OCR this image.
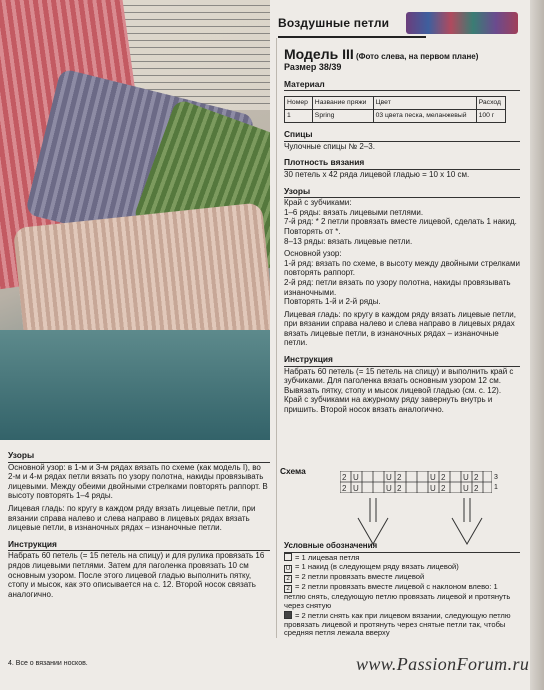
Воздушные петли
Модель III (Фото слева, на первом плане)
Размер 38/39
Материал
Номер	Название пряжи	Цвет	Расход
1	Spring	03 цвета песка, меланжевый	100 г
Спицы
Чулочные спицы № 2–3.
Плотность вязания
30 петель х 42 ряда лицевой гладью = 10 х 10 см.
Узоры
Край с зубчиками:
1–6 ряды: вязать лицевыми петлями.
7-й ряд: * 2 петли провязать вместе лицевой, сделать 1 накид. Повторять от *.
8–13 ряды: вязать лицевые петли.
Основной узор:
1-й ряд: вязать по схеме, в высоту между двойными стрелками повторять раппорт.
2-й ряд: петли вязать по узору полотна, накиды провязывать изнаночными.
Повторять 1-й и 2-й ряды.
Лицевая гладь: по кругу в каждом ряду вязать лицевые петли, при вязании справа налево и слева направо в лицевых рядах вязать лицевые петли, в изнаночных рядах – изнаночные петли.
Инструкция
Набрать 60 петель (= 15 петель на спицу) и выполнить край с зубчиками. Для паголенка вязать основным узором 12 см. Вывязать пятку, стопу и мысок лицевой гладью (см. с. 12). Край с зубчиками на ажурному ряду завернуть внутрь и пришить. Второй носок вязать аналогично.
Схема
2 U	U 2	U 2 U 2
2 U	U 2	U 2 U 2
3
1
Условные обозначения
= 1 лицевая петля
U = 1 накид (в следующем ряду вязать лицевой)
2 = 2 петли провязать вместе лицевой
2 = 2 петли провязать вместе лицевой с наклоном влево: 1 петлю снять, следующую петлю провязать лицевой и протянуть через снятую
= 2 петли снять как при лицевом вязании, следующую петлю провязать лицевой и протянуть через снятые петли так, чтобы средняя петля лежала вверху
Узоры
Основной узор: в 1-м и 3-м рядах вязать по схеме (как модель I), во 2-м и 4-м рядах петли вязать по узору полотна, накиды провязывать лицевыми. Между обеими двойными стрелками повторять раппорт. В высоту повторять 1–4 ряды.
Лицевая гладь: по кругу в каждом ряду вязать лицевые петли, при вязании справа налево и слева направо в лицевых рядах вязать лицевые петли, в изнаночных рядах – изнаночные петли.
Инструкция
Набрать 60 петель (= 15 петель на спицу) и для рулика провязать 16 рядов лицевыми петлями. Затем для паголенка провязать 10 см основным узором. После этого лицевой гладью выполнить пятку, стопу и мысок, как это описывается на с. 12. Второй носок связать аналогично.
4. Все о вязании носков.	www.PassionForum.ru
